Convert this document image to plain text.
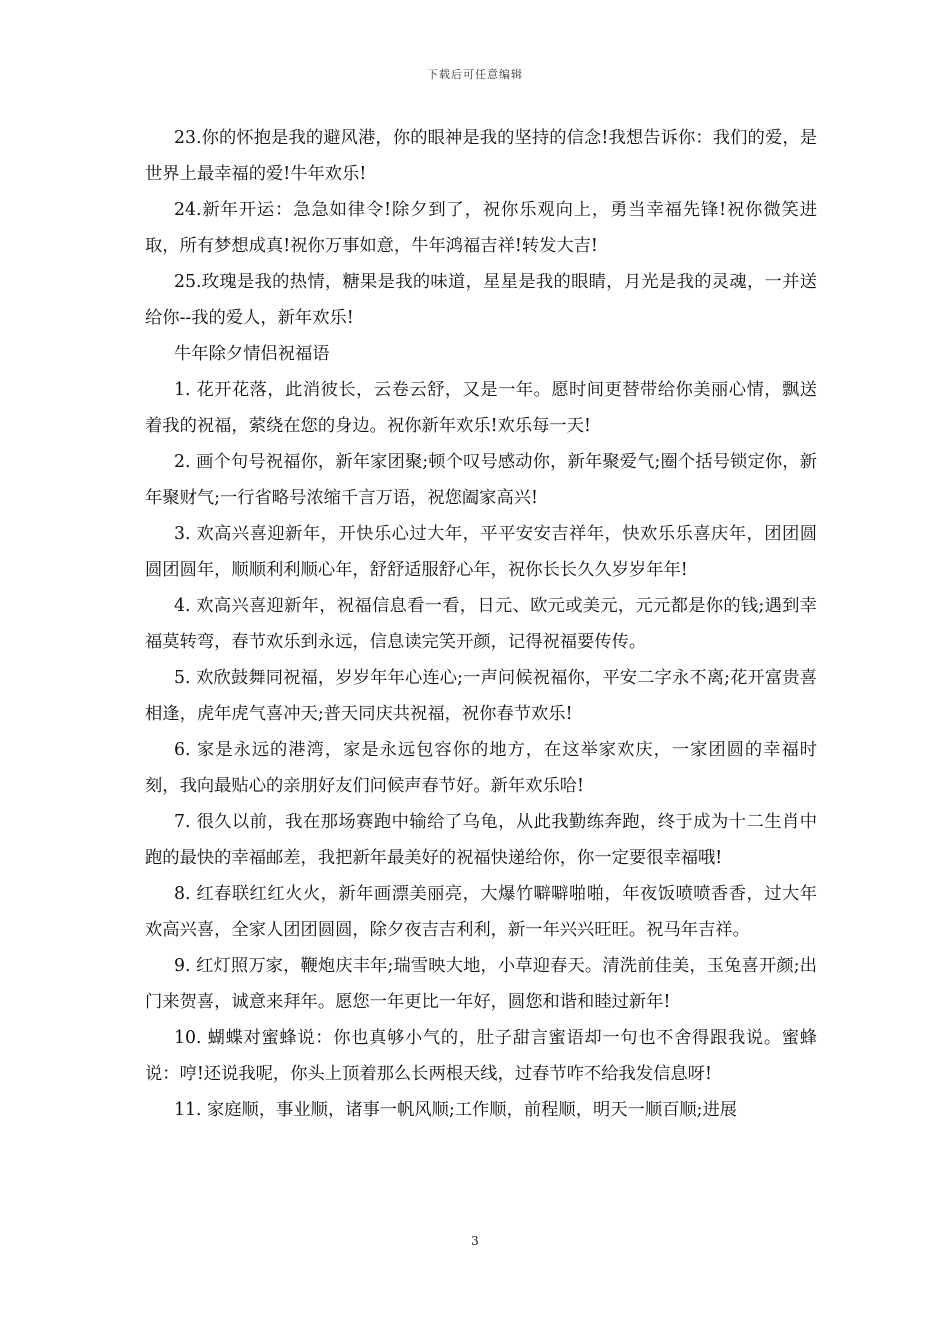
下载后可任意编辑

23.你的怀抱是我的避风港，你的眼神是我的坚持的信念!我想告诉你：我们的爱，是世界上最幸福的爱!牛年欢乐!

24.新年开运：急急如律令!除夕到了，祝你乐观向上，勇当幸福先锋!祝你微笑进取，所有梦想成真!祝你万事如意，牛年鸿福吉祥!转发大吉!

25.玫瑰是我的热情，糖果是我的味道，星星是我的眼睛，月光是我的灵魂，一并送给你--我的爱人，新年欢乐!

牛年除夕情侣祝福语

1. 花开花落，此消彼长，云卷云舒，又是一年。愿时间更替带给你美丽心情，飘送着我的祝福，萦绕在您的身边。祝你新年欢乐!欢乐每一天!

2. 画个句号祝福你，新年家团聚;顿个叹号感动你，新年聚爱气;圈个括号锁定你，新年聚财气;一行省略号浓缩千言万语，祝您阖家高兴!

3. 欢高兴喜迎新年，开快乐心过大年，平平安安吉祥年，快欢乐乐喜庆年，团团圆圆团圆年，顺顺利利顺心年，舒舒适服舒心年，祝你长长久久岁岁年年!

4. 欢高兴喜迎新年，祝福信息看一看，日元、欧元或美元，元元都是你的钱;遇到幸福莫转弯，春节欢乐到永远，信息读完笑开颜，记得祝福要传传。

5. 欢欣鼓舞同祝福，岁岁年年心连心;一声问候祝福你，平安二字永不离;花开富贵喜相逢，虎年虎气喜冲天;普天同庆共祝福，祝你春节欢乐!

6. 家是永远的港湾，家是永远包容你的地方，在这举家欢庆，一家团圆的幸福时刻，我向最贴心的亲朋好友们问候声春节好。新年欢乐哈!

7. 很久以前，我在那场赛跑中输给了乌龟，从此我勤练奔跑，终于成为十二生肖中跑的最快的幸福邮差，我把新年最美好的祝福快递给你，你一定要很幸福哦!

8. 红春联红红火火，新年画漂美丽亮，大爆竹噼噼啪啪，年夜饭喷喷香香，过大年欢高兴喜，全家人团团圆圆，除夕夜吉吉利利，新一年兴兴旺旺。祝马年吉祥。

9. 红灯照万家，鞭炮庆丰年;瑞雪映大地，小草迎春天。清洗前佳美，玉兔喜开颜;出门来贺喜，诚意来拜年。愿您一年更比一年好，圆您和谐和睦过新年!

10. 蝴蝶对蜜蜂说：你也真够小气的，肚子甜言蜜语却一句也不舍得跟我说。蜜蜂说：哼!还说我呢，你头上顶着那么长两根天线，过春节咋不给我发信息呀!

11. 家庭顺，事业顺，诸事一帆风顺;工作顺，前程顺，明天一顺百顺;进展

3
